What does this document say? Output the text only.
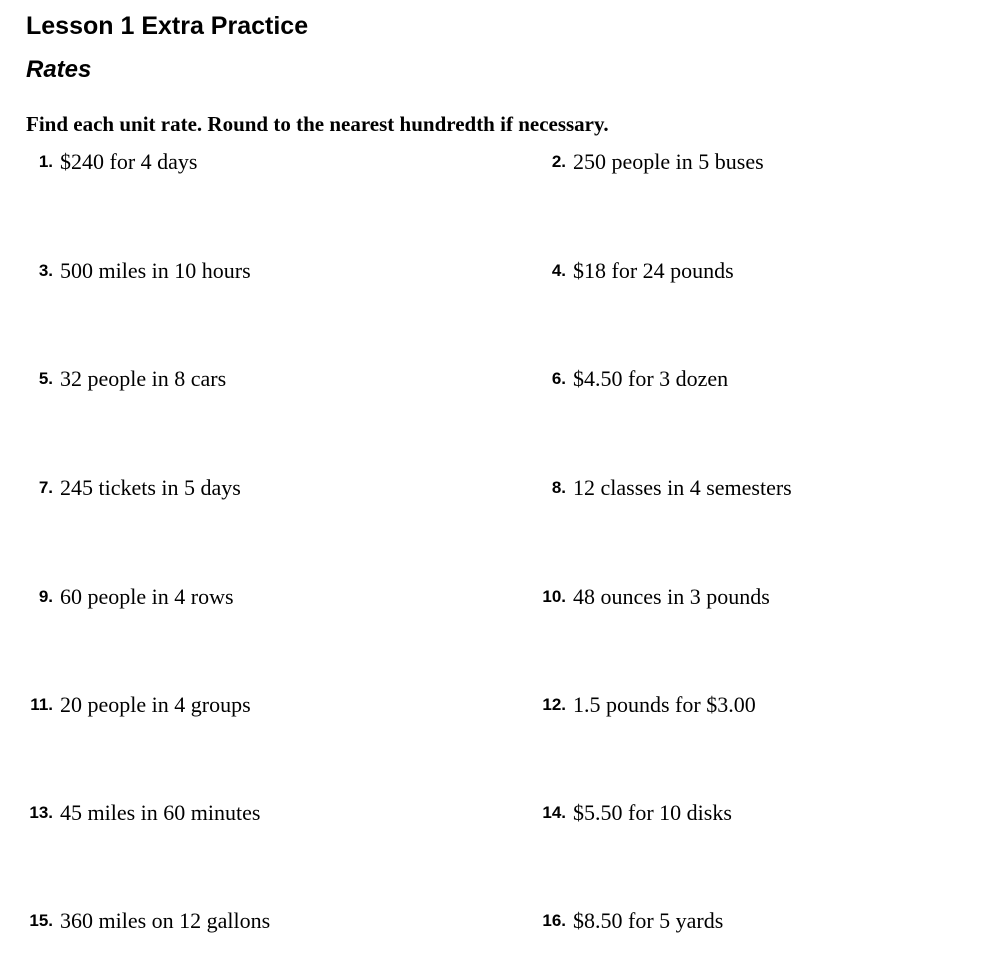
Lesson 1 Extra Practice
Rates

Find each unit rate. Round to the nearest hundredth if necessary.

1. $240 for 4 days	2. 250 people in 5 buses
3. 500 miles in 10 hours	4. $18 for 24 pounds
5. 32 people in 8 cars	6. $4.50 for 3 dozen
7. 245 tickets in 5 days	8. 12 classes in 4 semesters
9. 60 people in 4 rows	10. 48 ounces in 3 pounds
11. 20 people in 4 groups	12. 1.5 pounds for $3.00
13. 45 miles in 60 minutes	14. $5.50 for 10 disks
15. 360 miles on 12 gallons	16. $8.50 for 5 yards
